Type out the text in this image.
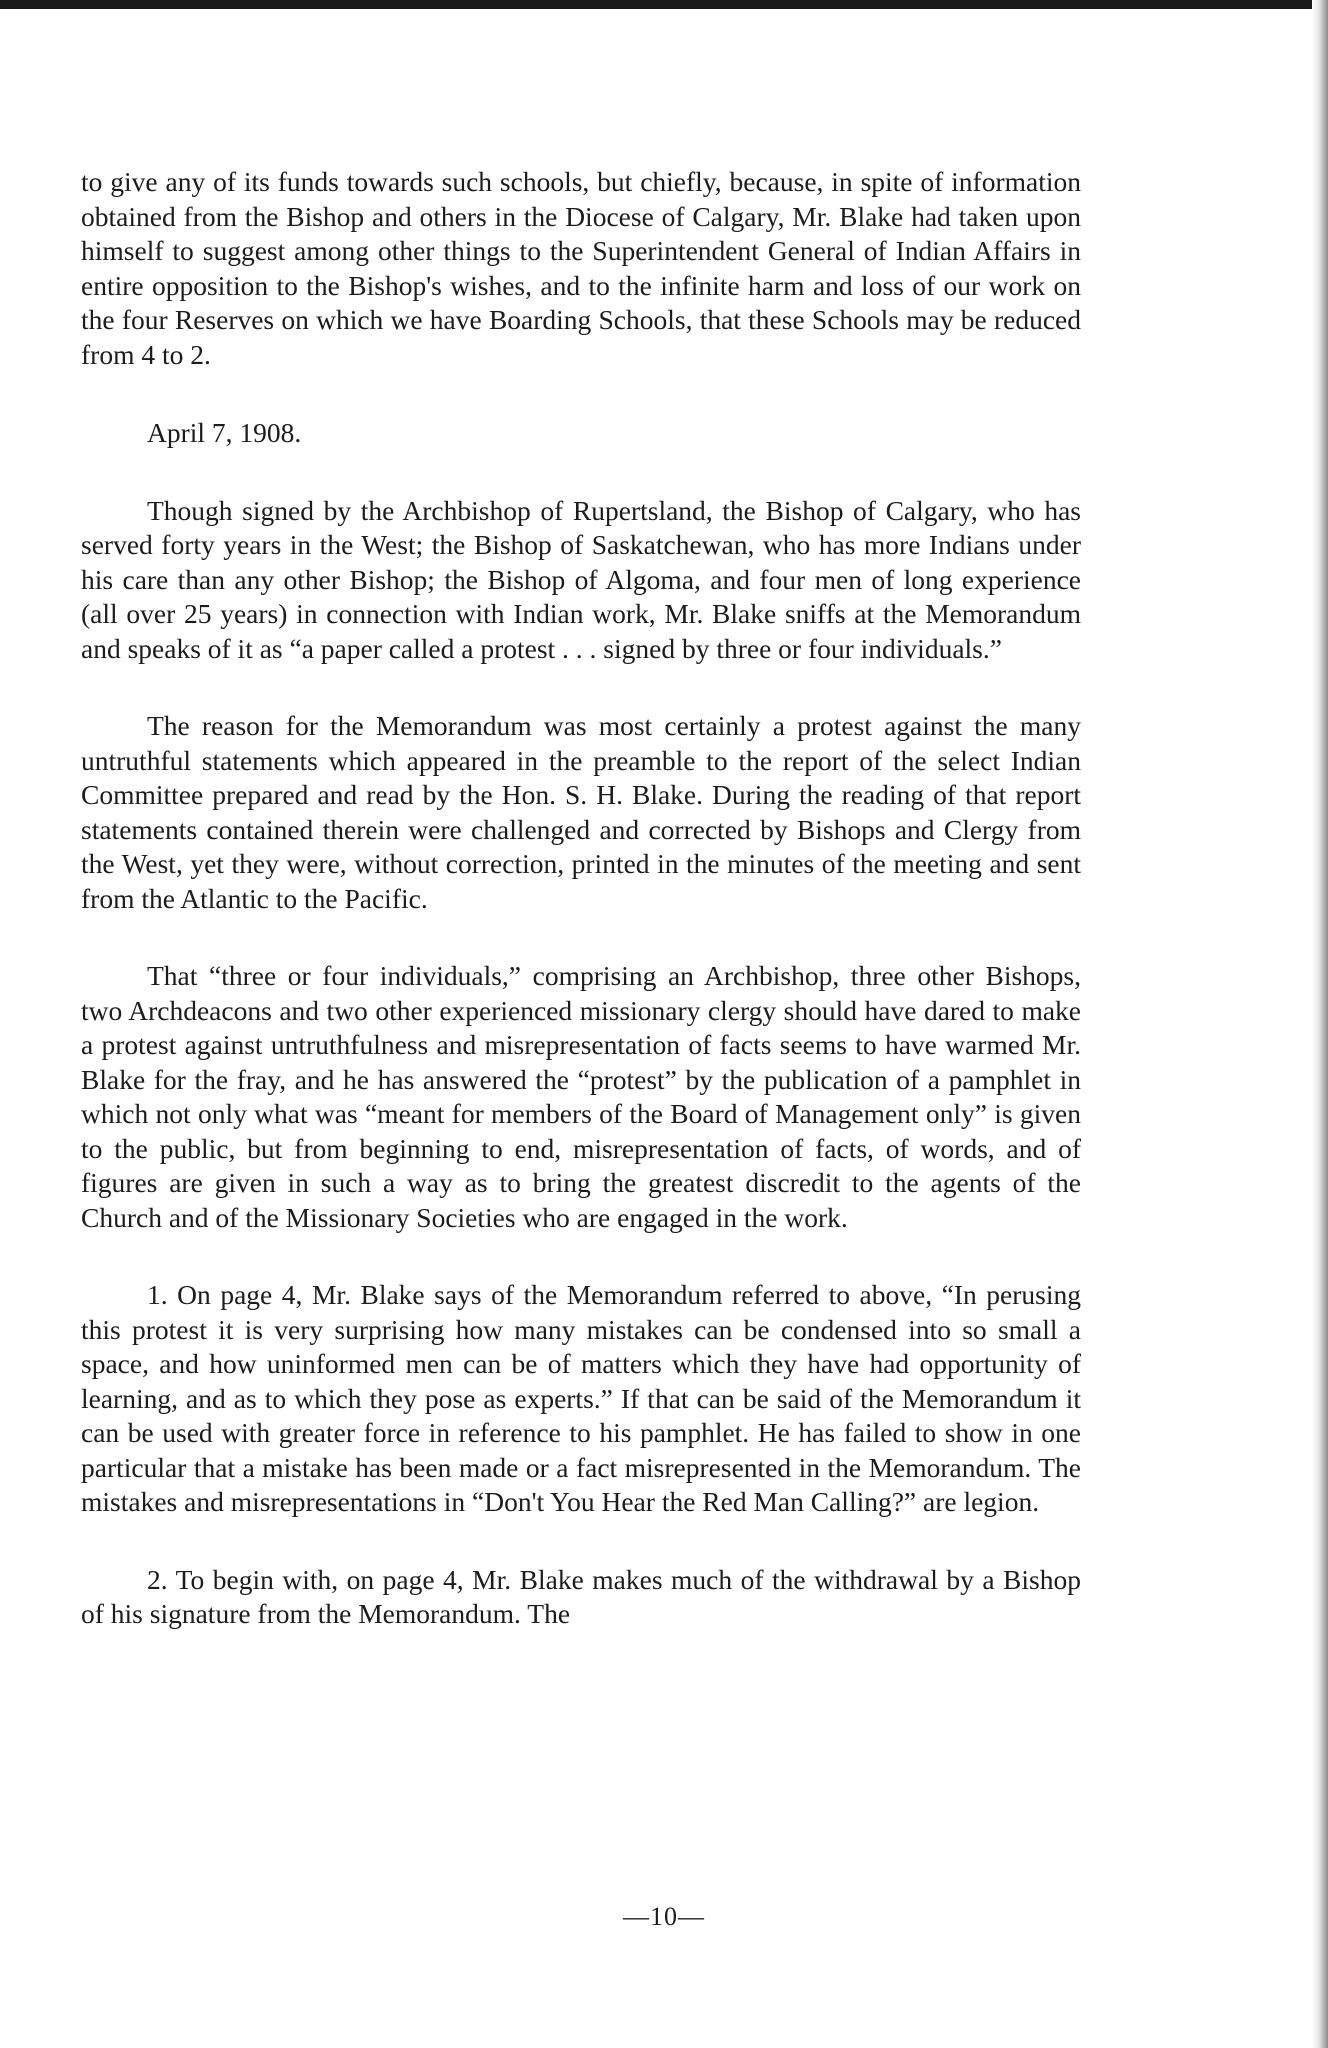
to give any of its funds towards such schools, but chiefly, because, in spite of information obtained from the Bishop and others in the Diocese of Calgary, Mr. Blake had taken upon himself to suggest among other things to the Superintendent General of Indian Affairs in entire opposition to the Bishop's wishes, and to the infinite harm and loss of our work on the four Reserves on which we have Boarding Schools, that these Schools may be reduced from 4 to 2.

April 7, 1908.

Though signed by the Archbishop of Rupertsland, the Bishop of Calgary, who has served forty years in the West; the Bishop of Saskatchewan, who has more Indians under his care than any other Bishop; the Bishop of Algoma, and four men of long experience (all over 25 years) in connection with Indian work, Mr. Blake sniffs at the Memorandum and speaks of it as “a paper called a protest . . . signed by three or four individuals.”

The reason for the Memorandum was most certainly a protest against the many untruthful statements which appeared in the preamble to the report of the select Indian Committee prepared and read by the Hon. S. H. Blake. During the reading of that report statements contained therein were challenged and corrected by Bishops and Clergy from the West, yet they were, without correction, printed in the minutes of the meeting and sent from the Atlantic to the Pacific.

That “three or four individuals,” comprising an Archbishop, three other Bishops, two Archdeacons and two other experienced missionary clergy should have dared to make a protest against untruthfulness and misrepresentation of facts seems to have warmed Mr. Blake for the fray, and he has answered the “protest” by the publication of a pamphlet in which not only what was “meant for members of the Board of Management only” is given to the public, but from beginning to end, misrepresentation of facts, of words, and of figures are given in such a way as to bring the greatest discredit to the agents of the Church and of the Missionary Societies who are engaged in the work.

1. On page 4, Mr. Blake says of the Memorandum referred to above, “In perusing this protest it is very surprising how many mistakes can be condensed into so small a space, and how uninformed men can be of matters which they have had opportunity of learning, and as to which they pose as experts.” If that can be said of the Memorandum it can be used with greater force in reference to his pamphlet. He has failed to show in one particular that a mistake has been made or a fact misrepresented in the Memorandum. The mistakes and misrepresentations in “Don't You Hear the Red Man Calling?” are legion.

2. To begin with, on page 4, Mr. Blake makes much of the withdrawal by a Bishop of his signature from the Memorandum. The

—10—
